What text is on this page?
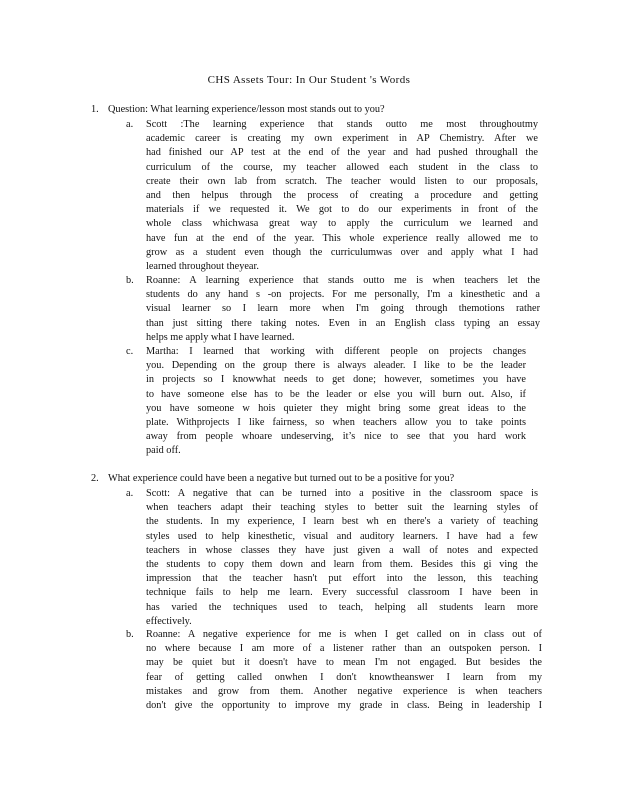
CHS Assets Tour: In Our Student 's Words
1. Question: What learning experience/lesson most stands out to you?
a. Scott :The learning experience that stands outto me most throughoutmy
academic career is creating my own experiment in AP Chemistry. After we
had finished our AP test at the end of the year and had pushed throughall the
curriculum of the course, my teacher allowed each student in the class to
create their own lab from scratch. The teacher would listen to our proposals,
and then helpus through the process of creating a procedure and getting
materials if we requested it. We got to do our experiments in front of the
whole class whichwasa great way to apply the curriculum we learned and
have fun at the end of the year. This whole experience really allowed me to
grow as a student even though the curriculumwas over and apply what I had
learned throughout theyear.
b. Roanne: A learning experience that stands outto me is when teachers let the
students do any hand s -on projects. For me personally, I'm a kinesthetic and a
visual learner so I learn more when I'm going through themotions rather
than just sitting there taking notes. Even in an English class typing an essay
helps me apply what I have learned.
c. Martha: I learned that working with different people on projects changes
you. Depending on the group there is always aleader. I like to be the leader
in projects so I knowwhat needs to get done; however, sometimes you have
to have someone else has to be the leader or else you will burn out. Also, if
you have someone w hois quieter they might bring some great ideas to the
plate. Withprojects I like fairness, so when teachers allow you to take points
away from people whoare undeserving, it’s nice to see that you hard work
paid off.
2. What experience could have been a negative but turned out to be a positive for you?
a. Scott: A negative that can be turned into a positive in the classroom space is
when teachers adapt their teaching styles to better suit the learning styles of
the students. In my experience, I learn best wh en there's a variety of teaching
styles used to help kinesthetic, visual and auditory learners. I have had a few
teachers in whose classes they have just given a wall of notes and expected
the students to copy them down and learn from them. Besides this gi ving the
impression that the teacher hasn't put effort into the lesson, this teaching
technique fails to help me learn. Every successful classroom I have been in
has varied the techniques used to teach, helping all students learn more
effectively.
b. Roanne: A negative experience for me is when I get called on in class out of
no where because I am more of a listener rather than an outspoken person. I
may be quiet but it doesn't have to mean I'm not engaged. But besides the
fear of getting called onwhen I don't knowtheanswer I learn from my
mistakes and grow from them. Another negative experience is when teachers
don't give the opportunity to improve my grade in class. Being in leadership I
